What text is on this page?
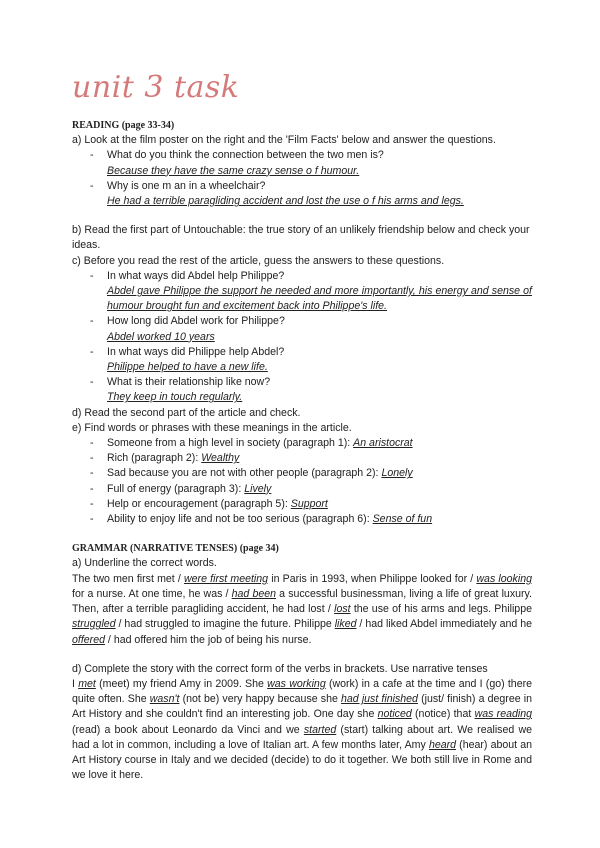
unit 3 task

READING (page 33-34)

a) Look at the film poster on the right and the 'Film Facts' below and answer the questions.

- What do you think the connection between the two men is?
Because they have the same crazy sense o f humour.
- Why is one m an in a wheelchair?
He had a terrible paragliding accident and lost the use o f his arms and legs.

b) Read the first part of Untouchable: the true story of an unlikely friendship below and check your ideas.

c) Before you read the rest of the article, guess the answers to these questions.

- In what ways did Abdel help Philippe?
Abdel gave Philippe the support he needed and more importantly, his energy and sense of humour brought fun and excitement back into Philippe's life.
- How long did Abdel work for Philippe?
Abdel worked 10 years
- In what ways did Philippe help Abdel?
Philippe helped to have a new life.
- What is their relationship like now?
They keep in touch regularly.

d) Read the second part of the article and check.

e) Find words or phrases with these meanings in the article.

- Someone from a high level in society (paragraph 1): An aristocrat
- Rich (paragraph 2): Wealthy
- Sad because you are not with other people (paragraph 2): Lonely
- Full of energy (paragraph 3): Lively
- Help or encouragement (paragraph 5): Support
- Ability to enjoy life and not be too serious (paragraph 6): Sense of fun

GRAMMAR (NARRATIVE TENSES) (page 34)

a) Underline the correct words.

The two men first met / were first meeting in Paris in 1993, when Philippe looked for / was looking for a nurse. At one time, he was / had been a successful businessman, living a life of great luxury. Then, after a terrible paragliding accident, he had lost / lost the use of his arms and legs. Philippe struggled / had struggled to imagine the future. Philippe liked / had liked Abdel immediately and he offered / had offered him the job of being his nurse.

d) Complete the story with the correct form of the verbs in brackets. Use narrative tenses

I met (meet) my friend Amy in 2009. She was working (work) in a cafe at the time and I (go) there quite often. She wasn't (not be) very happy because she had just finished (just/ finish) a degree in Art History and she couldn't find an interesting job. One day she noticed (notice) that was reading (read) a book about Leonardo da Vinci and we started (start) talking about art. We realised we had a lot in common, including a love of Italian art. A few months later, Amy heard (hear) about an Art History course in Italy and we decided (decide) to do it together. We both still live in Rome and we love it here.
